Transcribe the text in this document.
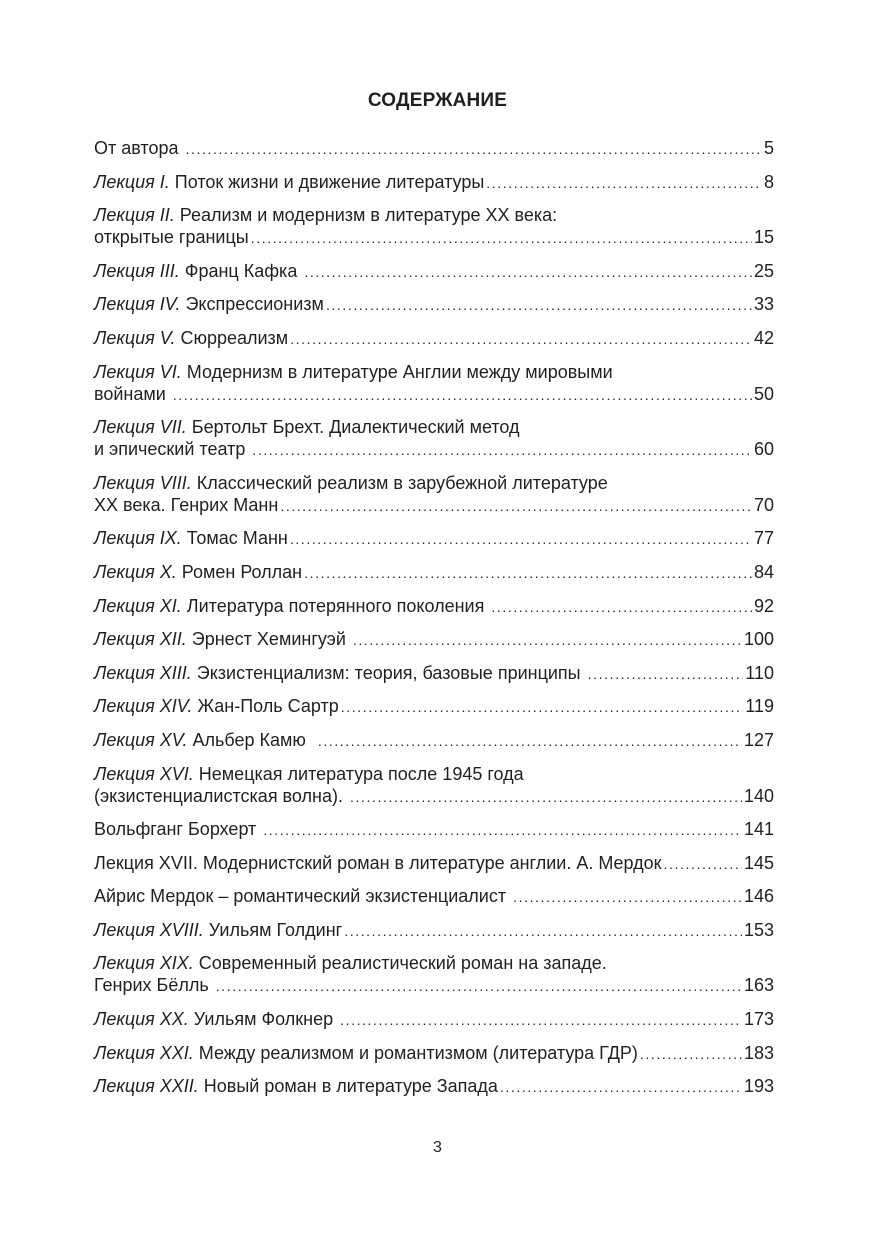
СОДЕРЖАНИЕ
От автора .....	5
Лекция I. Поток жизни и движение литературы .....	8
Лекция II. Реализм и модернизм в литературе ХХ века:
открытые границы .....	15
Лекция III. Франц Кафка .....	25
Лекция IV. Экспрессионизм .....	33
Лекция V. Сюрреализм .....	42
Лекция VI. Модернизм в литературе Англии между мировыми
войнами .....	50
Лекция VII. Бертольт Брехт. Диалектический метод
и эпический театр .....	60
Лекция VIII. Классический реализм в зарубежной литературе
ХХ века. Генрих Манн .....	70
Лекция IX. Томас Манн .....	77
Лекция X. Ромен Роллан .....	84
Лекция XI. Литература потерянного поколения .....	92
Лекция XII. Эрнест Хемингуэй .....	100
Лекция XIII. Экзистенциализм: теория, базовые принципы .....	110
Лекция XIV. Жан-Поль Сартр .....	119
Лекция XV. Альбер Камю .....	127
Лекция XVI. Немецкая литература после 1945 года
(экзистенциалистская волна). .....	140
Вольфганг Борхерт .....	141
Лекция XVII. Модернистский роман в литературе англии. А. Мердок .....	145
Айрис Мердок – романтический экзистенциалист .....	146
Лекция XVIII. Уильям Голдинг .....	153
Лекция XIX. Современный реалистический роман на западе.
Генрих Бёлль .....	163
Лекция XX. Уильям Фолкнер .....	173
Лекция XXI. Между реализмом и романтизмом (литература ГДР) .....	183
Лекция XXII. Новый роман в литературе Запада .....	193
3
